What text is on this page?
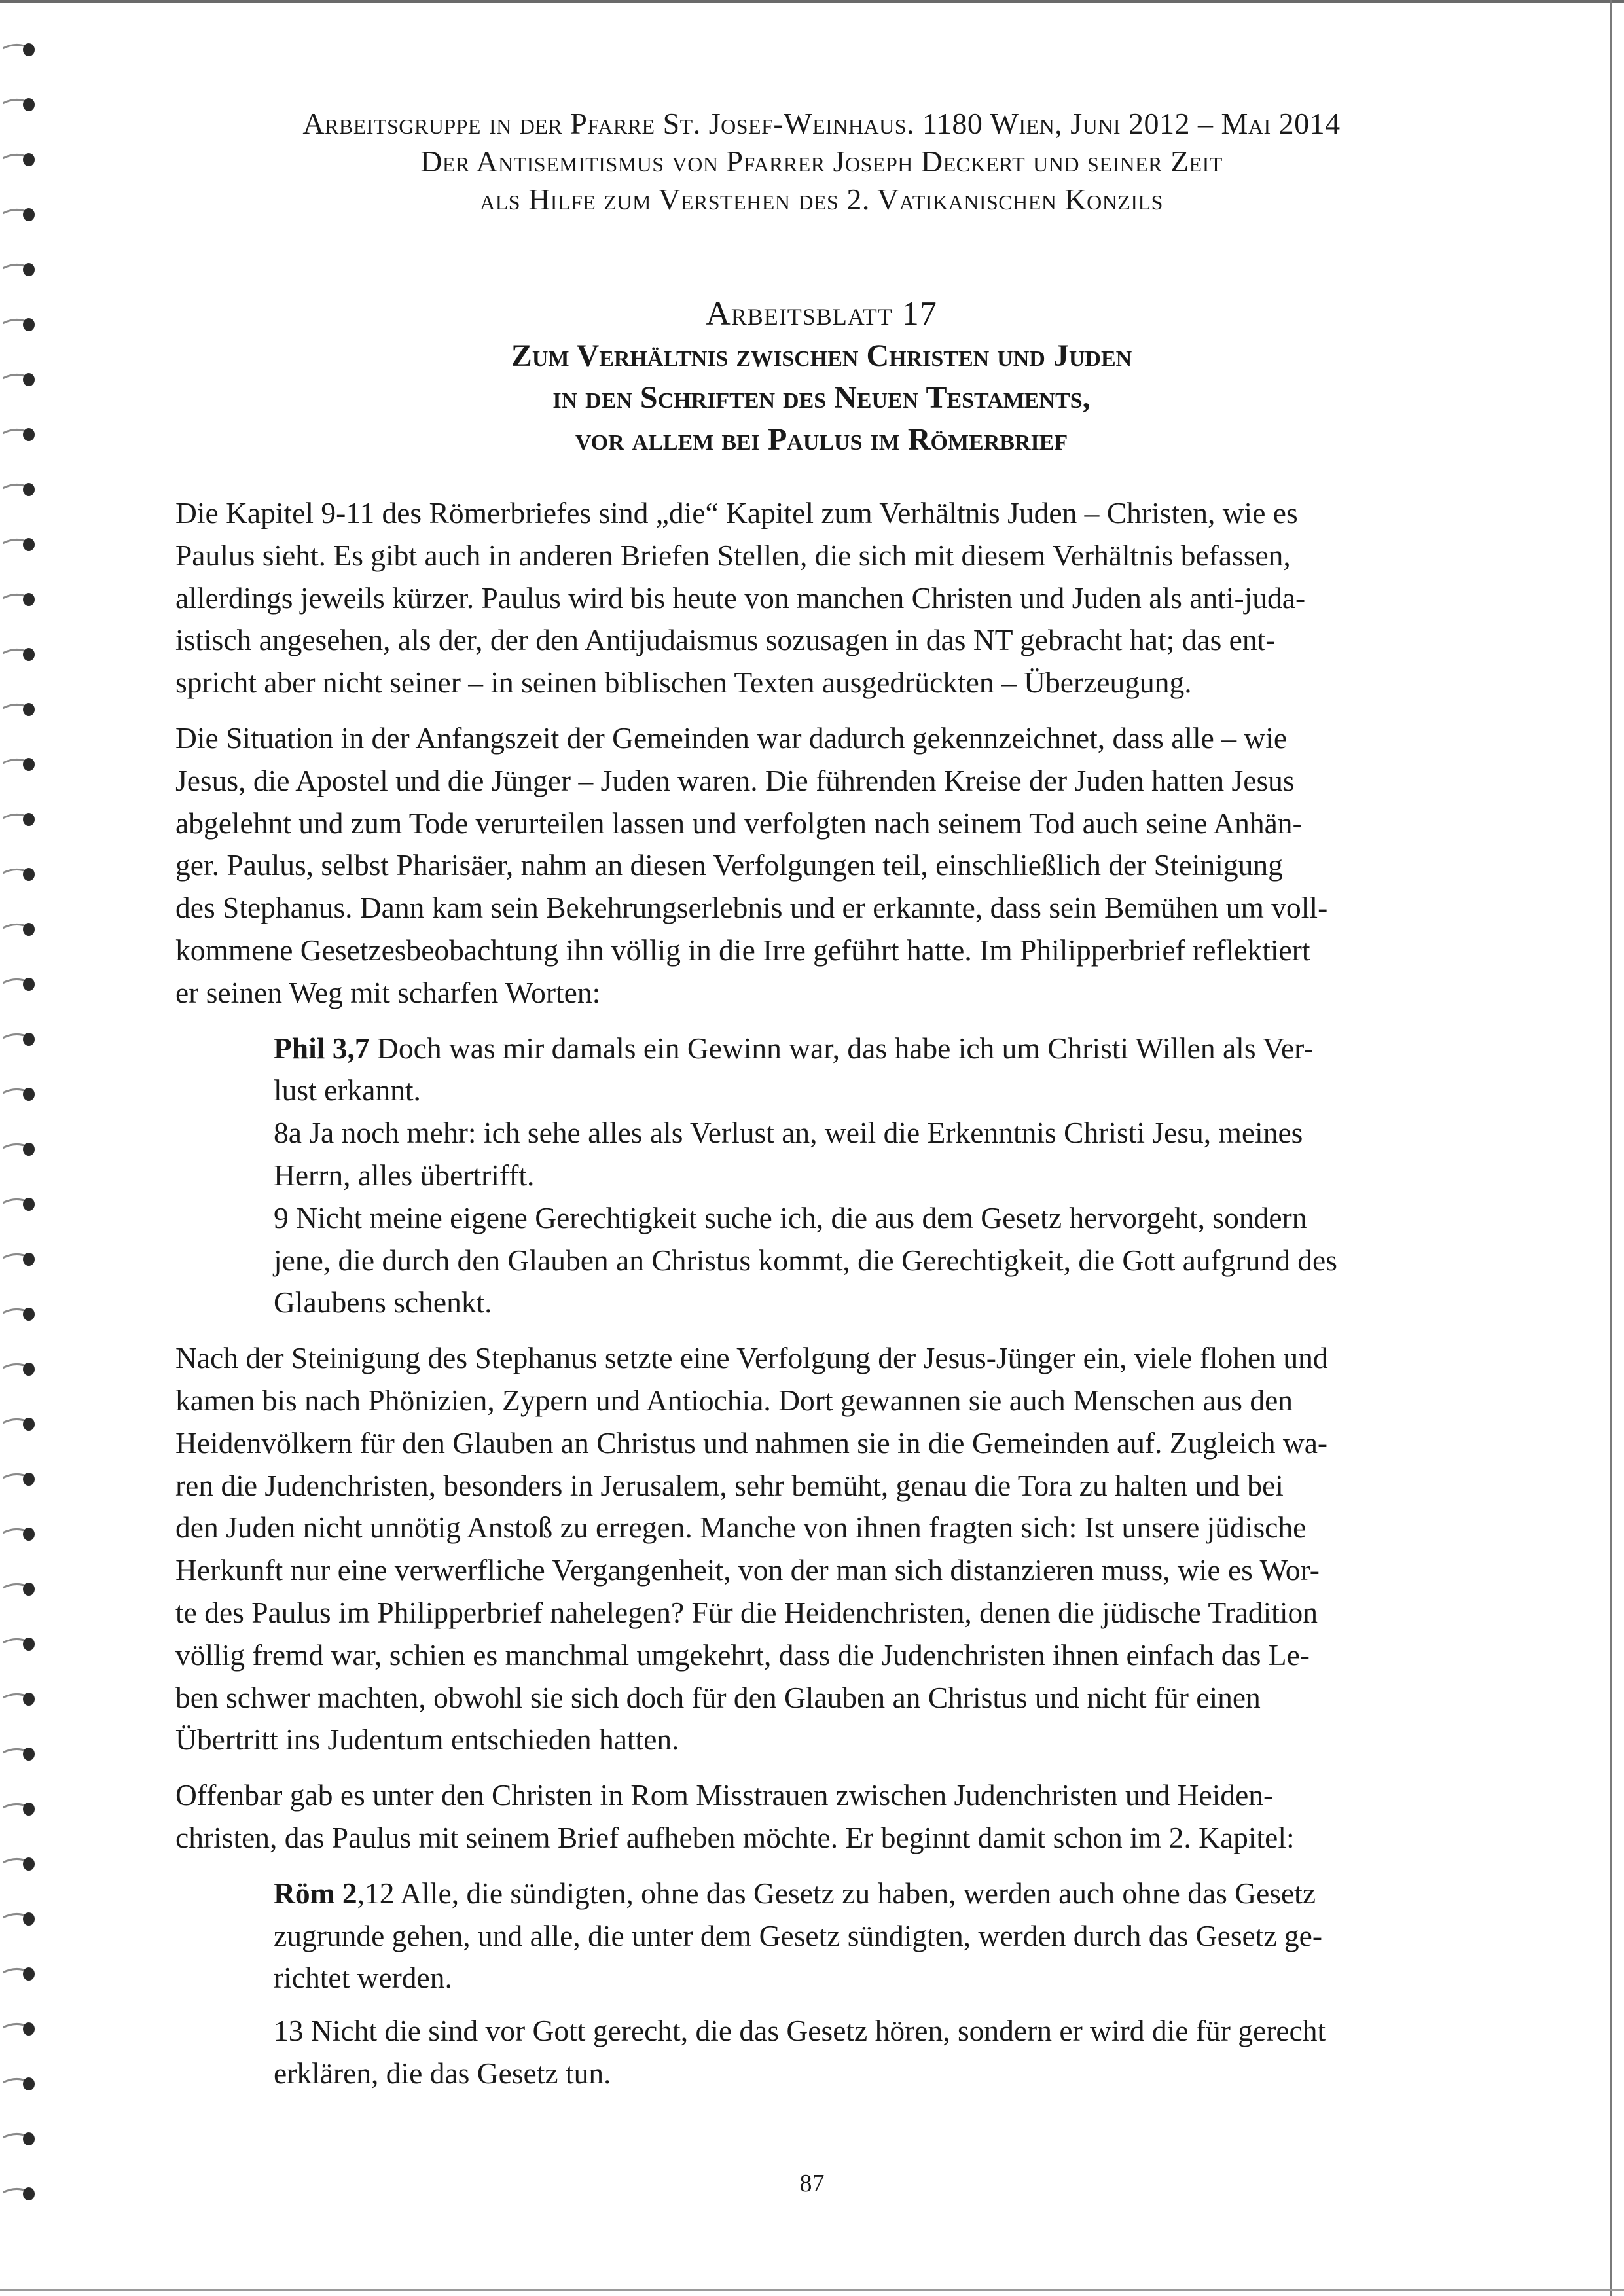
Arbeitsgruppe in der Pfarre St. Josef-Weinhaus. 1180 Wien, Juni 2012 – Mai 2014
Der Antisemitismus von Pfarrer Joseph Deckert und seiner Zeit
als Hilfe zum Verstehen des 2. Vatikanischen Konzils
Arbeitsblatt 17
Zum Verhältnis zwischen Christen und Juden
in den Schriften des Neuen Testaments,
vor allem bei Paulus im Römerbrief
Die Kapitel 9-11 des Römerbriefes sind „die“ Kapitel zum Verhältnis Juden – Christen, wie es
Paulus sieht. Es gibt auch in anderen Briefen Stellen, die sich mit diesem Verhältnis befassen,
allerdings jeweils kürzer. Paulus wird bis heute von manchen Christen und Juden als anti-juda-
istisch angesehen, als der, der den Antijudaismus sozusagen in das NT gebracht hat; das ent-
spricht aber nicht seiner – in seinen biblischen Texten ausgedrückten – Überzeugung.
Die Situation in der Anfangszeit der Gemeinden war dadurch gekennzeichnet, dass alle – wie
Jesus, die Apostel und die Jünger – Juden waren. Die führenden Kreise der Juden hatten Jesus
abgelehnt und zum Tode verurteilen lassen und verfolgten nach seinem Tod auch seine Anhän-
ger. Paulus, selbst Pharisäer, nahm an diesen Verfolgungen teil, einschließlich der Steinigung
des Stephanus. Dann kam sein Bekehrungserlebnis und er erkannte, dass sein Bemühen um voll-
kommene Gesetzesbeobachtung ihn völlig in die Irre geführt hatte. Im Philipperbrief reflektiert
er seinen Weg mit scharfen Worten:
Phil 3,7 Doch was mir damals ein Gewinn war, das habe ich um Christi Willen als Ver-
lust erkannt.
8a Ja noch mehr: ich sehe alles als Verlust an, weil die Erkenntnis Christi Jesu, meines
Herrn, alles übertrifft.
9 Nicht meine eigene Gerechtigkeit suche ich, die aus dem Gesetz hervorgeht, sondern
jene, die durch den Glauben an Christus kommt, die Gerechtigkeit, die Gott aufgrund des
Glaubens schenkt.
Nach der Steinigung des Stephanus setzte eine Verfolgung der Jesus-Jünger ein, viele flohen und
kamen bis nach Phönizien, Zypern und Antiochia. Dort gewannen sie auch Menschen aus den
Heidenvölkern für den Glauben an Christus und nahmen sie in die Gemeinden auf. Zugleich wa-
ren die Judenchristen, besonders in Jerusalem, sehr bemüht, genau die Tora zu halten und bei
den Juden nicht unnötig Anstoß zu erregen. Manche von ihnen fragten sich: Ist unsere jüdische
Herkunft nur eine verwerfliche Vergangenheit, von der man sich distanzieren muss, wie es Wor-
te des Paulus im Philipperbrief nahelegen? Für die Heidenchristen, denen die jüdische Tradition
völlig fremd war, schien es manchmal umgekehrt, dass die Judenchristen ihnen einfach das Le-
ben schwer machten, obwohl sie sich doch für den Glauben an Christus und nicht für einen
Übertritt ins Judentum entschieden hatten.
Offenbar gab es unter den Christen in Rom Misstrauen zwischen Judenchristen und Heiden-
christen, das Paulus mit seinem Brief aufheben möchte. Er beginnt damit schon im 2. Kapitel:
Röm 2,12 Alle, die sündigten, ohne das Gesetz zu haben, werden auch ohne das Gesetz
zugrunde gehen, und alle, die unter dem Gesetz sündigten, werden durch das Gesetz ge-
richtet werden.
13 Nicht die sind vor Gott gerecht, die das Gesetz hören, sondern er wird die für gerecht
erklären, die das Gesetz tun.
87
